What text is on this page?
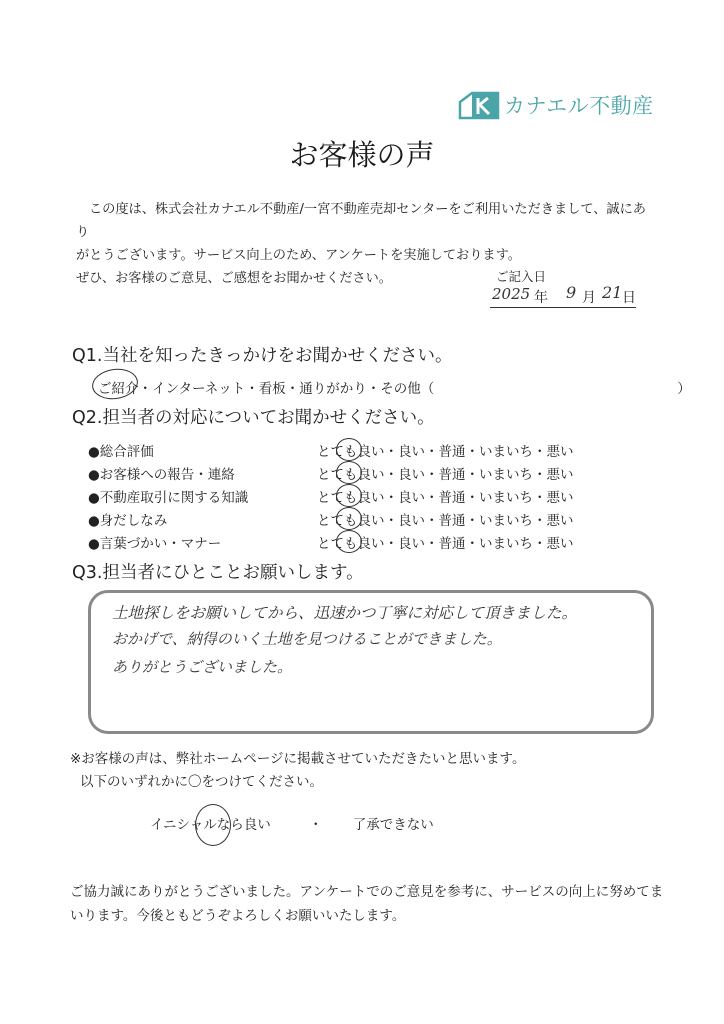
カナエル不動産
お客様の声

この度は、株式会社カナエル不動産/一宮不動産売却センターをご利用いただきまして、誠にあり

がとうございます。サービス向上のため、アンケートを実施しております。

ぜひ、お客様のご意見、ご感想をお聞かせください。	ご記入日
2025 年 9 月 21 日
Q1.当社を知ったきっかけをお聞かせください。
ご紹介・インターネット・看板・通りがかり・その他（　　　　　　　　　　　　　　　　　　）
Q2.担当者の対応についてお聞かせください。
●総合評価	とても良い・良い・普通・いまいち・悪い
●お客様への報告・連絡	とても良い・良い・普通・いまいち・悪い
●不動産取引に関する知識	とても良い・良い・普通・いまいち・悪い
●身だしなみ	とても良い・良い・普通・いまいち・悪い
●言葉づかい・マナー	とても良い・良い・普通・いまいち・悪い
Q3.担当者にひとことお願いします。
土地探しをお願いしてから、迅速かつ丁寧に対応して頂きました。
おかげで、納得のいく土地を見つけることができました。
ありがとうございました。

※お客様の声は、弊社ホームページに掲載させていただきたいと思います。

以下のいずれかに〇をつけてください。

イニシャルなら良い	・ 了承できない

ご協力誠にありがとうございました。アンケートでのご意見を参考に、サービスの向上に努めてま

いります。今後ともどうぞよろしくお願いいたします。
